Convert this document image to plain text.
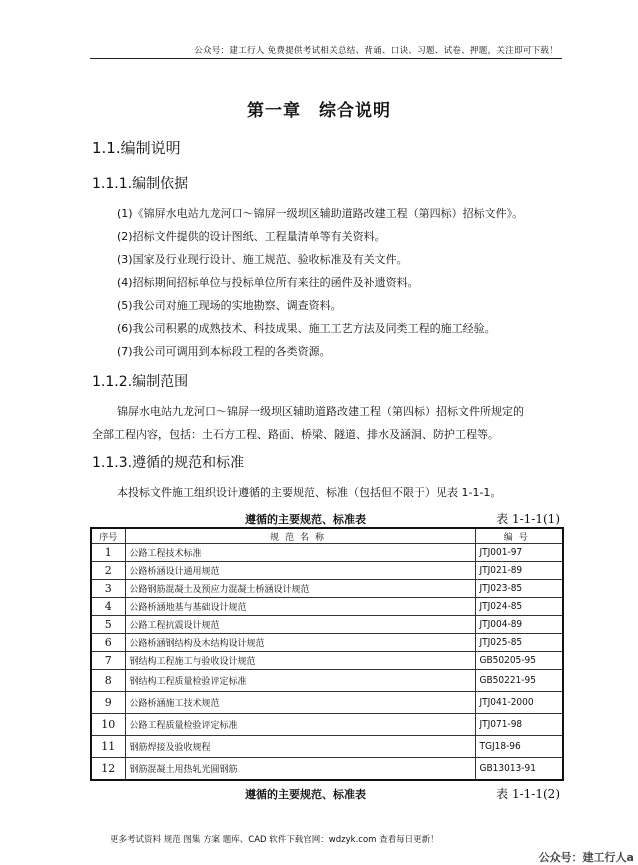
公众号：建工行人 免费提供考试相关总结、背诵、口诀、习题、试卷、押题，关注即可下载！
第一章　综合说明
1.1.编制说明
1.1.1.编制依据
(1)《锦屏水电站九龙河口～锦屏一级坝区辅助道路改建工程（第四标）招标文件》。
(2)招标文件提供的设计图纸、工程量清单等有关资料。
(3)国家及行业现行设计、施工规范、验收标准及有关文件。
(4)招标期间招标单位与投标单位所有来往的函件及补遗资料。
(5)我公司对施工现场的实地勘察、调查资料。
(6)我公司积累的成熟技术、科技成果、施工工艺方法及同类工程的施工经验。
(7)我公司可调用到本标段工程的各类资源。
1.1.2.编制范围
锦屏水电站九龙河口～锦屏一级坝区辅助道路改建工程（第四标）招标文件所规定的
全部工程内容，包括：土石方工程、路面、桥梁、隧道、排水及涵洞、防护工程等。
1.1.3.遵循的规范和标准
本投标文件施工组织设计遵循的主要规范、标准（包括但不限于）见表 1-1-1。
遵循的主要规范、标准表	表 1-1-1(1)
序号	规范名称	编号
1	公路工程技术标准	JTJ001-97
2	公路桥涵设计通用规范	JTJ021-89
3	公路钢筋混凝土及预应力混凝土桥涵设计规范	JTJ023-85
4	公路桥涵地基与基础设计规范	JTJ024-85
5	公路工程抗震设计规范	JTJ004-89
6	公路桥涵钢结构及木结构设计规范	JTJ025-85
7	钢结构工程施工与验收设计规范	GB50205-95
8	钢结构工程质量检验评定标准	GB50221-95
9	公路桥涵施工技术规范	JTJ041-2000
10	公路工程质量检验评定标准	JTJ071-98
11	钢筋焊接及验收规程	TGJ18-96
12	钢筋混凝土用热轧光圆钢筋	GB13013-91
遵循的主要规范、标准表	表 1-1-1(2)
更多考试资料 规范 图集 方案 题库、CAD 软件下载官网：wdzyk.com 查看每日更新！
公众号：建工行人a
